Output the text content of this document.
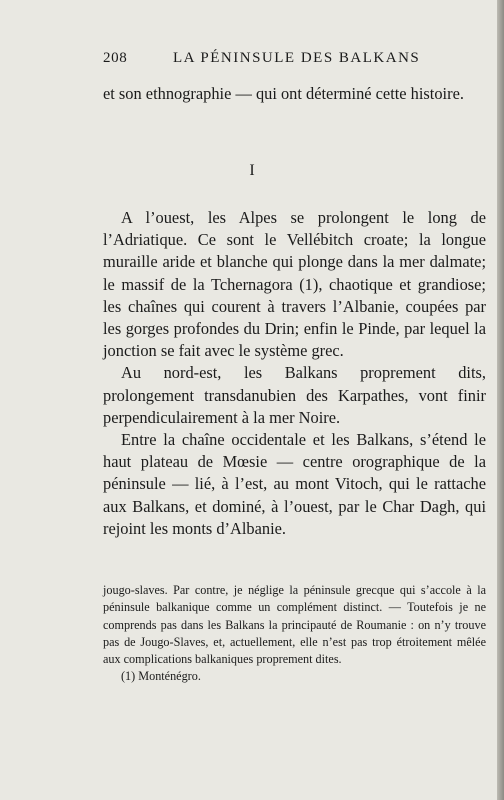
208	LA PÉNINSULE DES BALKANS
et son ethnographie — qui ont déterminé cette histoire.
I

A l’ouest, les Alpes se prolongent le long de l’Adriatique. Ce sont le Vellébitch croate; la longue muraille aride et blanche qui plonge dans la mer dalmate; le massif de la Tchernagora (1), chaotique et grandiose; les chaînes qui courent à travers l’Albanie, coupées par les gorges profondes du Drin; enfin le Pinde, par lequel la jonction se fait avec le système grec.

Au nord-est, les Balkans proprement dits, prolongement transdanubien des Karpathes, vont finir perpendiculairement à la mer Noire.

Entre la chaîne occidentale et les Balkans, s’étend le haut plateau de Mœsie — centre orographique de la péninsule — lié, à l’est, au mont Vitoch, qui le rattache aux Balkans, et dominé, à l’ouest, par le Char Dagh, qui rejoint les monts d’Albanie.

jougo-slaves. Par contre, je néglige la péninsule grecque qui s’accole à la péninsule balkanique comme un complément distinct. — Toutefois je ne comprends pas dans les Balkans la principauté de Roumanie : on n’y trouve pas de Jougo-Slaves, et, actuellement, elle n’est pas trop étroitement mêlée aux complications balkaniques proprement dites.

(1) Monténégro.
